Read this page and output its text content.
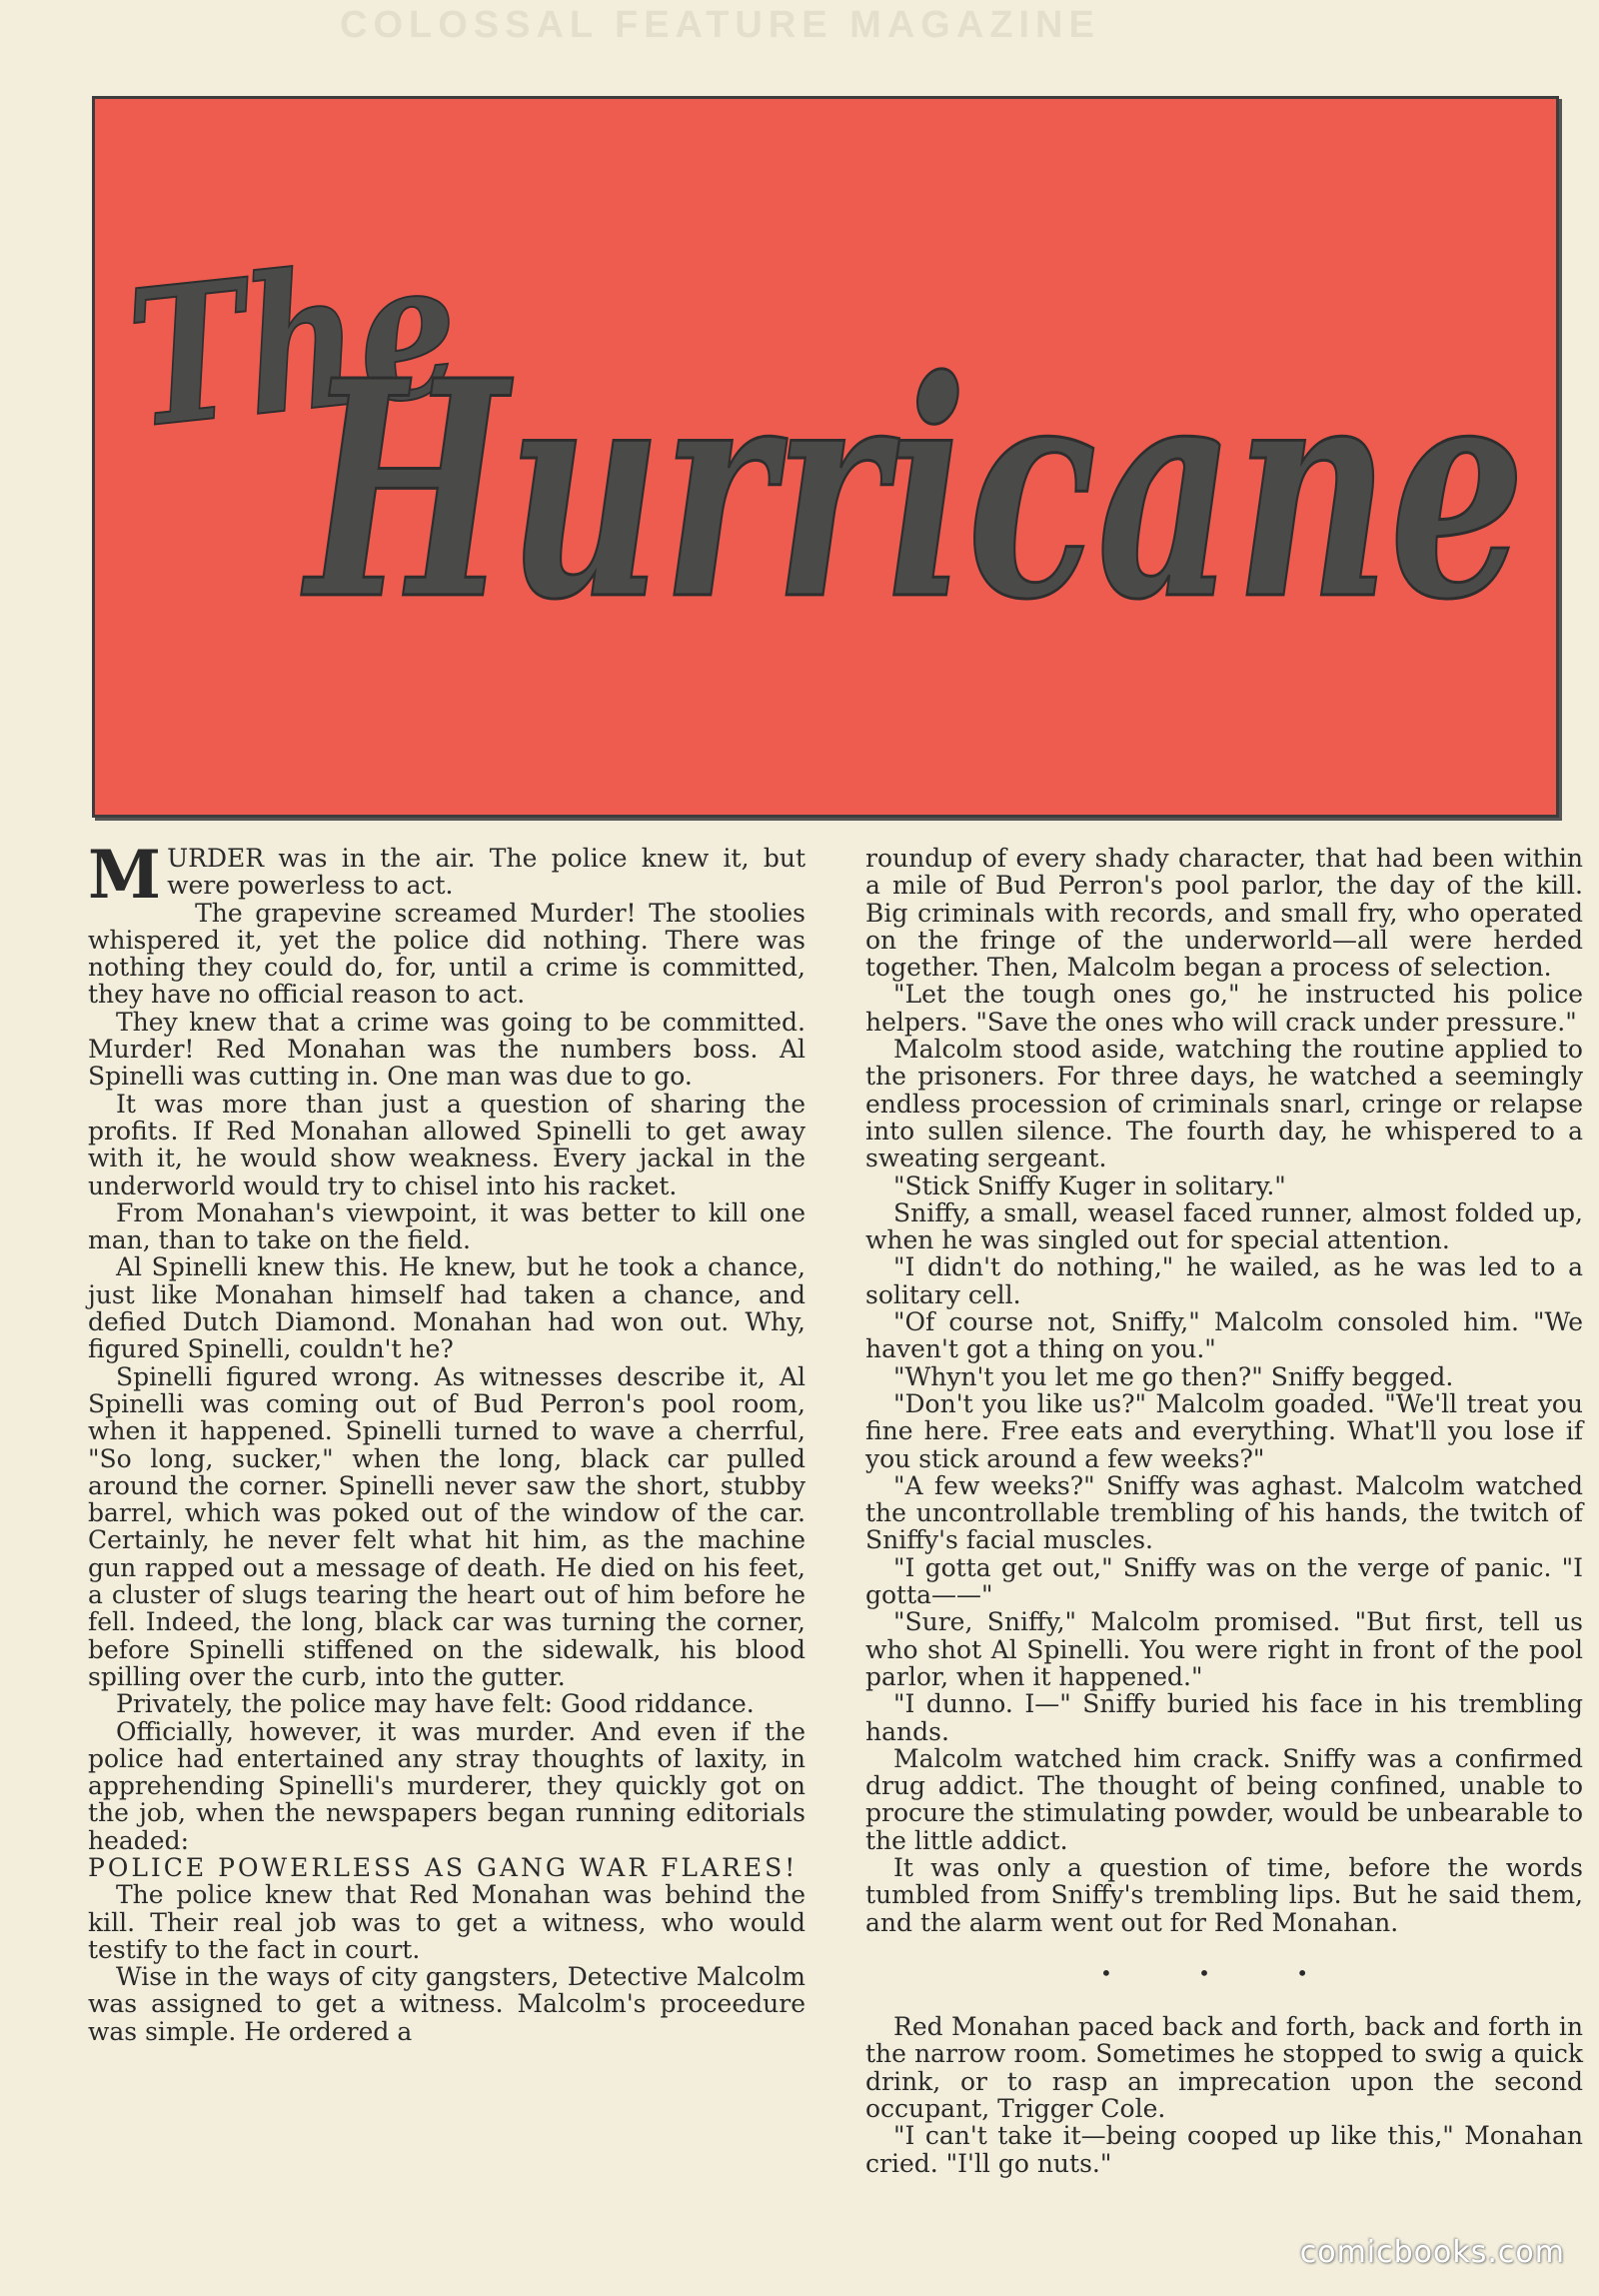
COLOSSAL FEATURE MAGAZINE
The
Hurricane

MURDER was in the air. The police knew it, but were powerless to act.

The grapevine screamed Murder! The stoolies whispered it, yet the police did nothing. There was nothing they could do, for, until a crime is committed, they have no official reason to act.

They knew that a crime was going to be committed. Murder! Red Monahan was the numbers boss. Al Spinelli was cutting in. One man was due to go.

It was more than just a question of sharing the profits. If Red Monahan allowed Spinelli to get away with it, he would show weakness. Every jackal in the underworld would try to chisel into his racket.

From Monahan's viewpoint, it was better to kill one man, than to take on the field.

Al Spinelli knew this. He knew, but he took a chance, just like Monahan himself had taken a chance, and defied Dutch Diamond. Monahan had won out. Why, figured Spinelli, couldn't he?

Spinelli figured wrong. As witnesses describe it, Al Spinelli was coming out of Bud Perron's pool room, when it happened. Spinelli turned to wave a cherrful, "So long, sucker," when the long, black car pulled around the corner. Spinelli never saw the short, stubby barrel, which was poked out of the window of the car. Certainly, he never felt what hit him, as the machine gun rapped out a message of death. He died on his feet, a cluster of slugs tearing the heart out of him before he fell. Indeed, the long, black car was turning the corner, before Spinelli stiffened on the sidewalk, his blood spilling over the curb, into the gutter.

Privately, the police may have felt: Good riddance.

Officially, however, it was murder. And even if the police had entertained any stray thoughts of laxity, in apprehending Spinelli's murderer, they quickly got on the job, when the newspapers began running editorials headed:

POLICE POWERLESS AS GANG WAR FLARES!

The police knew that Red Monahan was behind the kill. Their real job was to get a witness, who would testify to the fact in court.

Wise in the ways of city gangsters, Detective Malcolm was assigned to get a witness. Malcolm's proceedure was simple. He ordered a

roundup of every shady character, that had been within a mile of Bud Perron's pool parlor, the day of the kill. Big criminals with records, and small fry, who operated on the fringe of the underworld—all were herded together. Then, Malcolm began a process of selection.

"Let the tough ones go," he instructed his police helpers. "Save the ones who will crack under pressure."

Malcolm stood aside, watching the routine applied to the prisoners. For three days, he watched a seemingly endless procession of criminals snarl, cringe or relapse into sullen silence. The fourth day, he whispered to a sweating sergeant.

"Stick Sniffy Kuger in solitary."

Sniffy, a small, weasel faced runner, almost folded up, when he was singled out for special attention.

"I didn't do nothing," he wailed, as he was led to a solitary cell.

"Of course not, Sniffy," Malcolm consoled him. "We haven't got a thing on you."

"Whyn't you let me go then?" Sniffy begged.

"Don't you like us?" Malcolm goaded. "We'll treat you fine here. Free eats and everything. What'll you lose if you stick around a few weeks?"

"A few weeks?" Sniffy was aghast. Malcolm watched the uncontrollable trembling of his hands, the twitch of Sniffy's facial muscles.

"I gotta get out," Sniffy was on the verge of panic. "I gotta——"

"Sure, Sniffy," Malcolm promised. "But first, tell us who shot Al Spinelli. You were right in front of the pool parlor, when it happened."

"I dunno. I—" Sniffy buried his face in his trembling hands.

Malcolm watched him crack. Sniffy was a confirmed drug addict. The thought of being confined, unable to procure the stimulating powder, would be unbearable to the little addict.

It was only a question of time, before the words tumbled from Sniffy's trembling lips. But he said them, and the alarm went out for Red Monahan.

• • •

Red Monahan paced back and forth, back and forth in the narrow room. Sometimes he stopped to swig a quick drink, or to rasp an imprecation upon the second occupant, Trigger Cole.

"I can't take it—being cooped up like this," Monahan cried. "I'll go nuts."

comicbooks.com
